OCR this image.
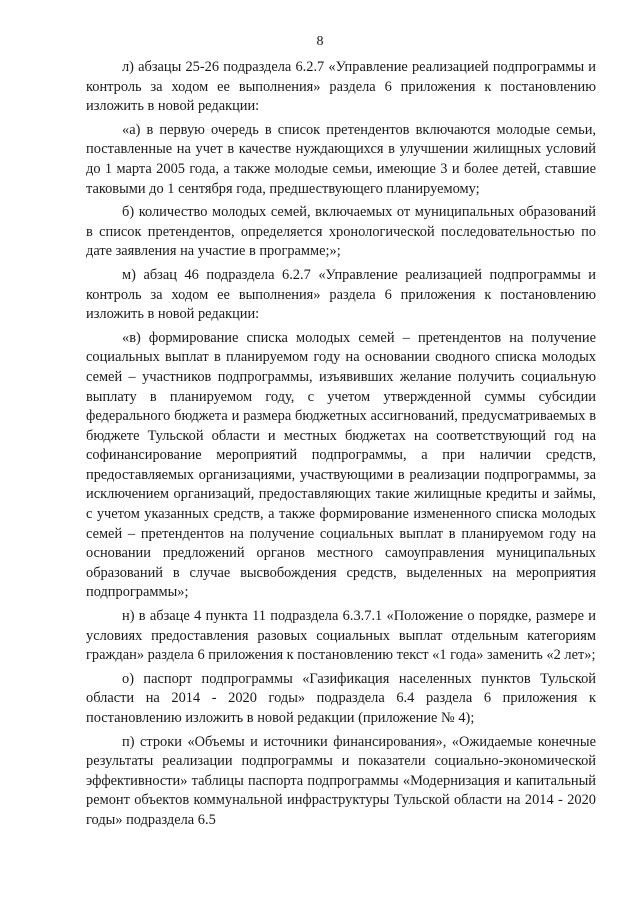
8

л) абзацы 25-26 подраздела 6.2.7 «Управление реализацией подпрограммы и контроль за ходом ее выполнения» раздела 6 приложения к постановлению изложить в новой редакции:

«а) в первую очередь в список претендентов включаются молодые семьи, поставленные на учет в качестве нуждающихся в улучшении жилищных условий до 1 марта 2005 года, а также молодые семьи, имеющие 3 и более детей, ставшие таковыми до 1 сентября года, предшествующего планируемому;

б) количество молодых семей, включаемых от муниципальных образований в список претендентов, определяется хронологической последовательностью по дате заявления на участие в программе;»;

м) абзац 46 подраздела 6.2.7 «Управление реализацией подпрограммы и контроль за ходом ее выполнения» раздела 6 приложения к постановлению изложить в новой редакции:

«в) формирование списка молодых семей – претендентов на получение социальных выплат в планируемом году на основании сводного списка молодых семей – участников подпрограммы, изъявивших желание получить социальную выплату в планируемом году, с учетом утвержденной суммы субсидии федерального бюджета и размера бюджетных ассигнований, предусматриваемых в бюджете Тульской области и местных бюджетах на соответствующий год на софинансирование мероприятий подпрограммы, а при наличии средств, предоставляемых организациями, участвующими в реализации подпрограммы, за исключением организаций, предоставляющих такие жилищные кредиты и займы, с учетом указанных средств, а также формирование измененного списка молодых семей – претендентов на получение социальных выплат в планируемом году на основании предложений органов местного самоуправления муниципальных образований в случае высвобождения средств, выделенных на мероприятия подпрограммы»;

н) в абзаце 4 пункта 11 подраздела 6.3.7.1 «Положение о порядке, размере и условиях предоставления разовых социальных выплат отдельным категориям граждан» раздела 6 приложения к постановлению текст «1 года» заменить «2 лет»;

о) паспорт подпрограммы «Газификация населенных пунктов Тульской области на 2014 - 2020 годы» подраздела 6.4 раздела 6 приложения к постановлению изложить в новой редакции (приложение № 4);

п) строки «Объемы и источники финансирования», «Ожидаемые конечные результаты реализации подпрограммы и показатели социально-экономической эффективности» таблицы паспорта подпрограммы «Модернизация и капитальный ремонт объектов коммунальной инфраструктуры Тульской области на 2014 - 2020 годы» подраздела 6.5
